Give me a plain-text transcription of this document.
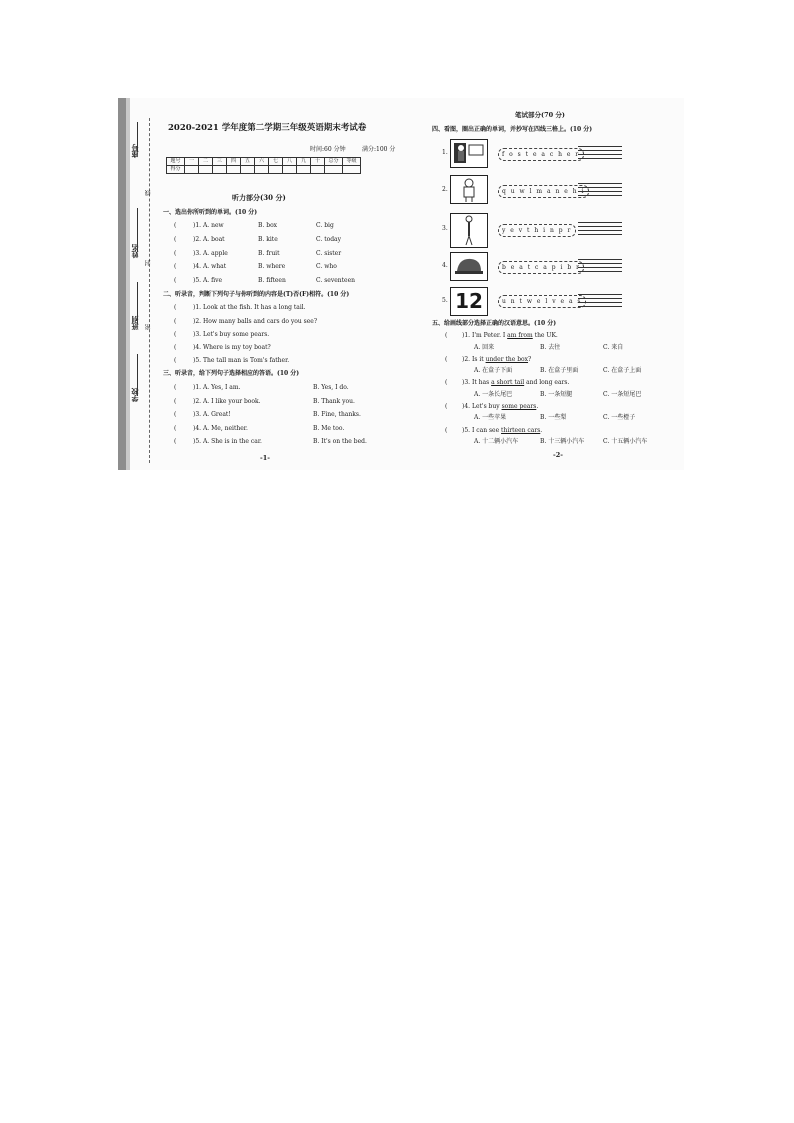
座号
姓名
班别
学校
线
封
密
2020-2021 学年度第二学期三年级英语期末考试卷
时间:60 分钟	满分:100 分
题号	一	二	三	四	五	六	七	八	九	十	总分	等级
得分												
听力部分(30 分)
一、选出你所听到的单词。(10 分)
(	)1. A. new	B. box	C. big
(	)2. A. boat	B. kite	C. today
(	)3. A. apple	B. fruit	C. sister
(	)4. A. what	B. where	C. who
(	)5. A. five	B. fifteen	C. seventeen
二、听录音，判断下列句子与你听到的内容是(T)否(F)相符。(10 分)
(	)1. Look at the fish. It has a long tail.
(	)2. How many balls and cars do you see?
(	)3. Let's buy some pears.
(	)4. Where is my toy boat?
(	)5. The tall man is Tom's father.
三、听录音，给下列句子选择相应的答语。(10 分)
(	)1. A. Yes, I am.	B. Yes, I do.
(	)2. A. I like your book.	B. Thank you.
(	)3. A. Great!	B. Fine, thanks.
(	)4. A. Me, neither.	B. Me too.
(	)5. A. She is in the car.	B. It's on the bed.
-1-
笔试部分(70 分)
四、看图，圈出正确的单词，并抄写在四线三格上。(10 分)
1.	f o s t e a c h e r
2.	q u w l m a n e h i
3.	y e v t h i n p r
4.	b e a t c a p i b r
5. 12	u n t w e l v e a s
五、给画线部分选择正确的汉语意思。(10 分)
( )1. I'm Peter. I am from the UK.
A. 回来	B. 去往	C. 来自
( )2. Is it under the box?
A. 在盒子下面	B. 在盒子里面	C. 在盒子上面
( )3. It has a short tail and long ears.
A. 一条长尾巴	B. 一条短腿	C. 一条短尾巴
( )4. Let's buy some pears.
A. 一些苹果	B. 一些梨	C. 一些橙子
( )5. I can see thirteen cars.
A. 十二辆小汽车	B. 十三辆小汽车	C. 十五辆小汽车
-2-
